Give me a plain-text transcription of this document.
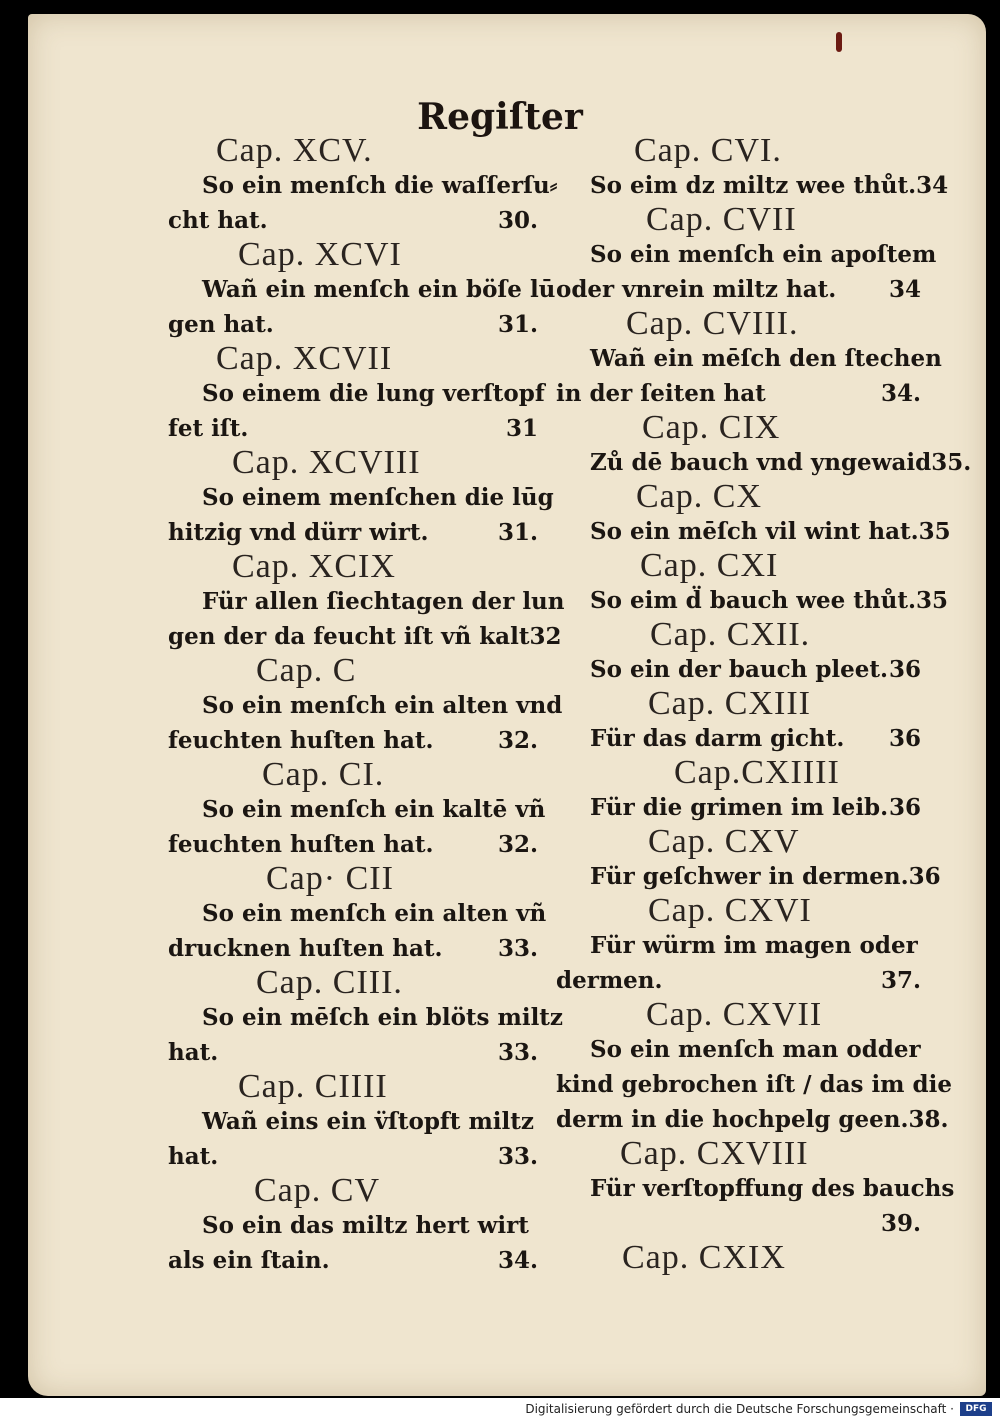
Regiſter
Cap. XCV.
So ein menſch die waſſerſu⸗
cht hat.	30.
Cap. XCVI
Wañ ein menſch ein böſe lū
gen hat.	31.
Cap. XCVII
So einem die lung verſtopf
fet iſt.	31
Cap. XCVIII
So einem menſchen die lūg
hitzig vnd dürr wirt.	31.
Cap. XCIX
Für allen ſiechtagen der lun
gen der da feucht iſt vñ kalt 32
Cap. C
So ein menſch ein alten vnd
feuchten huſten hat.	32.
Cap. CI.
So ein menſch ein kaltē vñ
feuchten huſten hat.	32.
Cap· CII
So ein menſch ein alten vñ
drucknen huſten hat. 33.
Cap. CIII.
So ein mēſch ein blöts miltz
hat.	33.
Cap. CIIII
Wañ eins ein v̈ſtopft miltz
hat.	33.
Cap. CV
So ein das miltz hert wirt
als ein ſtain.	34.
Cap. CVI.
So eim dz miltz wee thůt. 34
Cap. CVII
So ein menſch ein apoſtem
oder vnrein miltz hat. 34
Cap. CVIII.
Wañ ein mēſch den ſtechen
in der ſeiten hat	34.
Cap. CIX
Zů dē bauch vnd yngewaid 35.
Cap. CX
So ein mēſch vil wint hat. 35
Cap. CXI
So eim d̈ bauch wee thůt. 35
Cap. CXII.
So ein der bauch pleet. 36
Cap. CXIII
Für das darm gicht. 36
Cap.CXIIII
Für die grimen im leib. 36
Cap. CXV
Für geſchwer in dermen. 36
Cap. CXVI
Für würm im magen oder
dermen.	37.
Cap. CXVII
So ein menſch man odder
kind gebrochen iſt / das im die
derm in die hochpelg geen. 38.
Cap. CXVIII
Für verſtopffung des bauchs
39.
Cap. CXIX
Digitalisierung gefördert durch die Deutsche Forschungsgemeinschaft ·	DFG
